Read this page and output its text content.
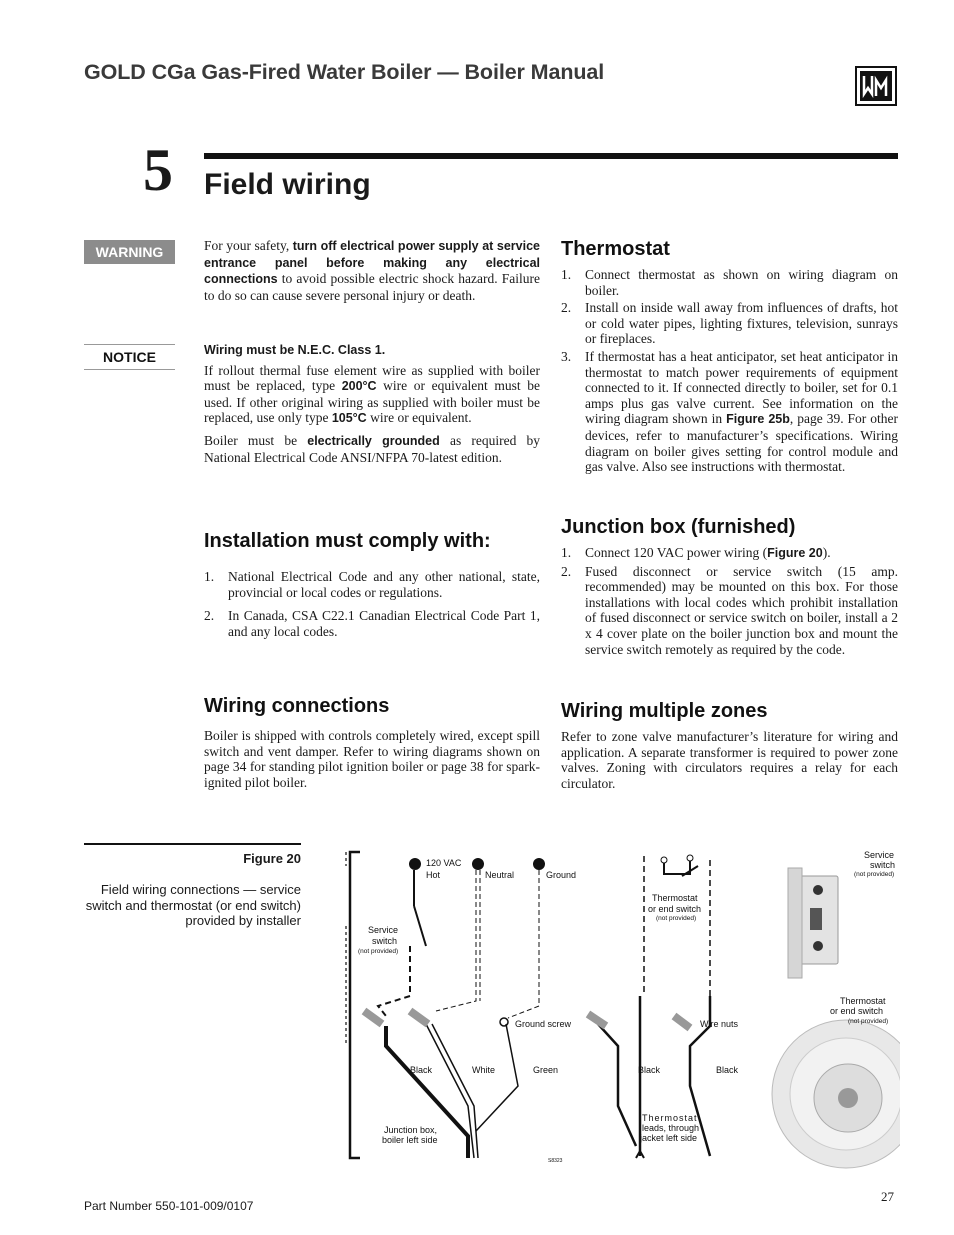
GOLD CGa Gas-Fired Water Boiler — Boiler Manual
5 Field wiring
WARNING
NOTICE

For your safety, turn off electrical power supply at service entrance panel before making any electrical connections to avoid possible electric shock hazard. Failure to do so can cause severe personal injury or death.

Wiring must be N.E.C. Class 1.

If rollout thermal fuse element wire as supplied with boiler must be replaced, type 200°C wire or equivalent must be used. If other original wiring as supplied with boiler must be replaced, use only type 105°C wire or equivalent.

Boiler must be electrically grounded as required by National Electrical Code ANSI/NFPA 70-latest edition.

Installation must comply with:
1. National Electrical Code and any other national, state, provincial or local codes or regulations.
2. In Canada, CSA C22.1 Canadian Electrical Code Part 1, and any local codes.
Wiring connections

Boiler is shipped with controls completely wired, except spill switch and vent damper. Refer to wiring diagrams shown on page 34 for standing pilot ignition boiler or page 38 for spark-ignited pilot boiler.

Thermostat
1. Connect thermostat as shown on wiring diagram on boiler.
2. Install on inside wall away from influences of drafts, hot or cold water pipes, lighting fixtures, television, sunrays or fireplaces.
3. If thermostat has a heat anticipator, set heat anticipator in thermostat to match power requirements of equipment connected to it. If connected directly to boiler, set for 0.1 amps plus gas valve current. See information on the wiring diagram shown in Figure 25b, page 39. For other devices, refer to manufacturer’s specifications. Wiring diagram on boiler gives setting for control module and gas valve. Also see instructions with thermostat.
Junction box (furnished)
1. Connect 120 VAC power wiring (Figure 20).
2. Fused disconnect or service switch (15 amp. recommended) may be mounted on this box. For those installations with local codes which prohibit installation of fused disconnect or service switch on boiler, install a 2 x 4 cover plate on the boiler junction box and mount the service switch remotely as required by the code.
Wiring multiple zones

Refer to zone valve manufacturer’s literature for wiring and application. A separate transformer is required to power zone valves. Zoning with circulators requires a relay for each circulator.

Figure 20
Field wiring connections — service switch and thermostat (or end switch) provided by installer
120 VAC
Hot	Neutral	Ground
Service
switch
(not provided)
Ground screw	Wire nuts
Black	White	Green	Black	Black
Junction box,
boiler left side
Thermostat
or end switch
(not provided)
Thermostat
leads, through
jacket left side
S8323
Service
switch
(not provided)
Thermostat
or end switch
(not provided)
Part Number 550-101-009/0107
27
